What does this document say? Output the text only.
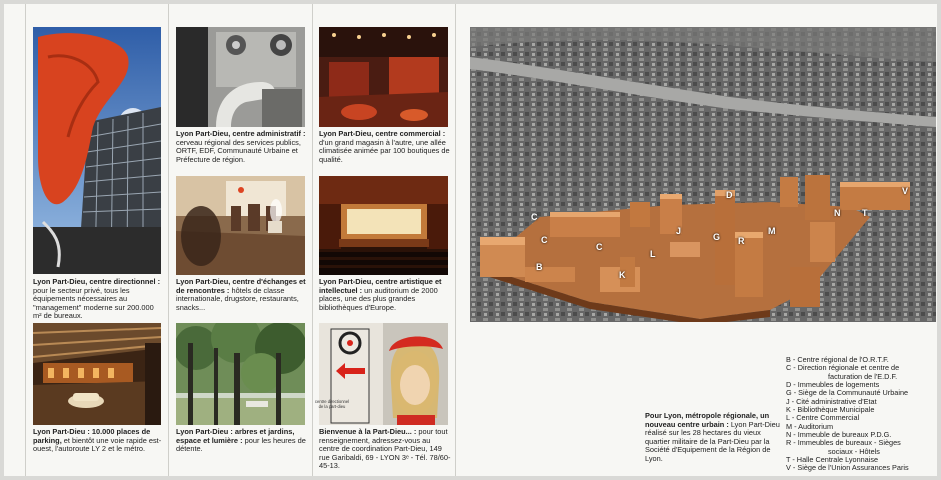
Lyon Part-Dieu, centre directionnel : pour le secteur privé, tous les équipements nécessaires au "management" moderne sur 200.000 m² de bureaux.
Lyon Part-Dieu : 10.000 places de parking, et bientôt une voie rapide est-ouest, l'autoroute LY 2 et le métro.
Lyon Part-Dieu, centre administratif : cerveau régional des services publics, ORTF, EDF, Communauté Urbaine et Préfecture de région.
Lyon Part-Dieu, centre d'échanges et de rencontres : hôtels de classe internationale, drugstore, restaurants, snacks...
Lyon Part-Dieu : arbres et jardins, espace et lumière : pour les heures de détente.
Lyon Part-Dieu, centre commercial : d'un grand magasin à l'autre, une allée climatisée animée par 100 boutiques de qualité.
Lyon Part-Dieu, centre artistique et intellectuel : un auditorium de 2000 places, une des plus grandes bibliothèques d'Europe.
centre directionnel de la part-dieu
Bienvenue à la Part-Dieu... : pour tout renseignement, adressez-vous au centre de coordination Part-Dieu, 149 rue Garibaldi, 69 - LYON 3ᵉ - Tél. 78/60-45-13.
C
B
C
C
K
L
J
G R
M
N T
V
D
Pour Lyon, métropole régionale, un nouveau centre urbain : Lyon Part-Dieu réalisé sur les 28 hectares du vieux quartier militaire de la Part-Dieu par la Société d'Equipement de la Région de Lyon.
B - Centre régional de l'O.R.T.F.
C - Direction régionale et centre de
facturation de l'E.D.F.
D - Immeubles de logements
G - Siège de la Communauté Urbaine
J - Cité administrative d'Etat
K - Bibliothèque Municipale
L - Centre Commercial
M - Auditorium
N - Immeuble de bureaux P.D.G.
R - Immeubles de bureaux - Sièges
sociaux - Hôtels
T - Halle Centrale Lyonnaise
V - Siège de l'Union Assurances Paris
